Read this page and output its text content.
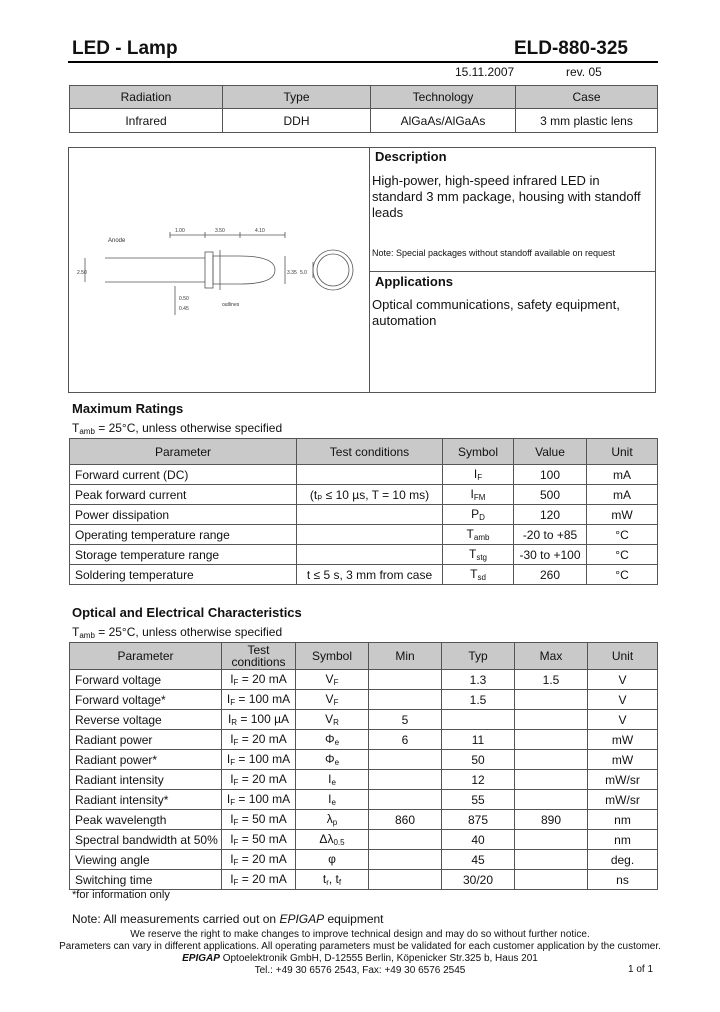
LED - Lamp	ELD-880-325
15.11.2007	rev. 05
Radiation	Type	Technology	Case
Infrared	DDH	AlGaAs/AlGaAs	3 mm plastic lens
Anode
1.00	3.50	4.10
2.50	3.35
0.50
0.45
outlines
5.0
Description
High-power, high-speed infrared LED in standard 3 mm package, housing with standoff leads
Note: Special packages without standoff available on request
Applications
Optical communications, safety equipment, automation
Maximum Ratings
$T_{amb} = 25^\circ C$, unless otherwise specified
Parameter	Test conditions	Symbol	Value	Unit
Forward current (DC)		$I_F$	100	mA
Peak forward current	(tₚ ≤ 10 µs, T = 10 ms)	$I_{FM}$	500	mA
Power dissipation		$P_D$	120	mW
Operating temperature range		$T_{amb}$	-20 to +85	°C
Storage temperature range		$T_{stg}$	-30 to +100	°C
Soldering temperature	t ≤ 5 s, 3 mm from case	$T_{sd}$	260	°C
Optical and Electrical Characteristics
$T_{amb} = 25^\circ C$, unless otherwise specified
Parameter	Test conditions	Symbol	Min	Typ	Max	Unit
Forward voltage	$I_F = 20$ mA	$V_F$		1.3	1.5	V
Forward voltage*	$I_F = 100$ mA	$V_F$		1.5		V
Reverse voltage	$I_R = 100$ µA	$V_R$	5			V
Radiant power	$I_F = 20$ mA	$\Phi_e$	6	11		mW
Radiant power*	$I_F = 100$ mA	$\Phi_e$		50		mW
Radiant intensity	$I_F = 20$ mA	$I_e$		12		mW/sr
Radiant intensity*	$I_F = 100$ mA	$I_e$		55		mW/sr
Peak wavelength	$I_F = 50$ mA	$\lambda_p$	860	875	890	nm
Spectral bandwidth at 50%	$I_F = 50$ mA	$\Delta\lambda_{0.5}$		40		nm
Viewing angle	$I_F = 20$ mA	φ		45		deg.
Switching time	$I_F = 20$ mA	$t_r$, $t_f$		30/20		ns
*for information only
Note: All measurements carried out on EPIGAP equipment
We reserve the right to make changes to improve technical design and may do so without further notice.
Parameters can vary in different applications. All operating parameters must be validated for each customer application by the customer.
EPIGAP Optoelektronik GmbH, D-12555 Berlin, Köpenicker Str.325 b, Haus 201
Tel.: +49 30 6576 2543, Fax: +49 30 6576 2545	1 of 1
